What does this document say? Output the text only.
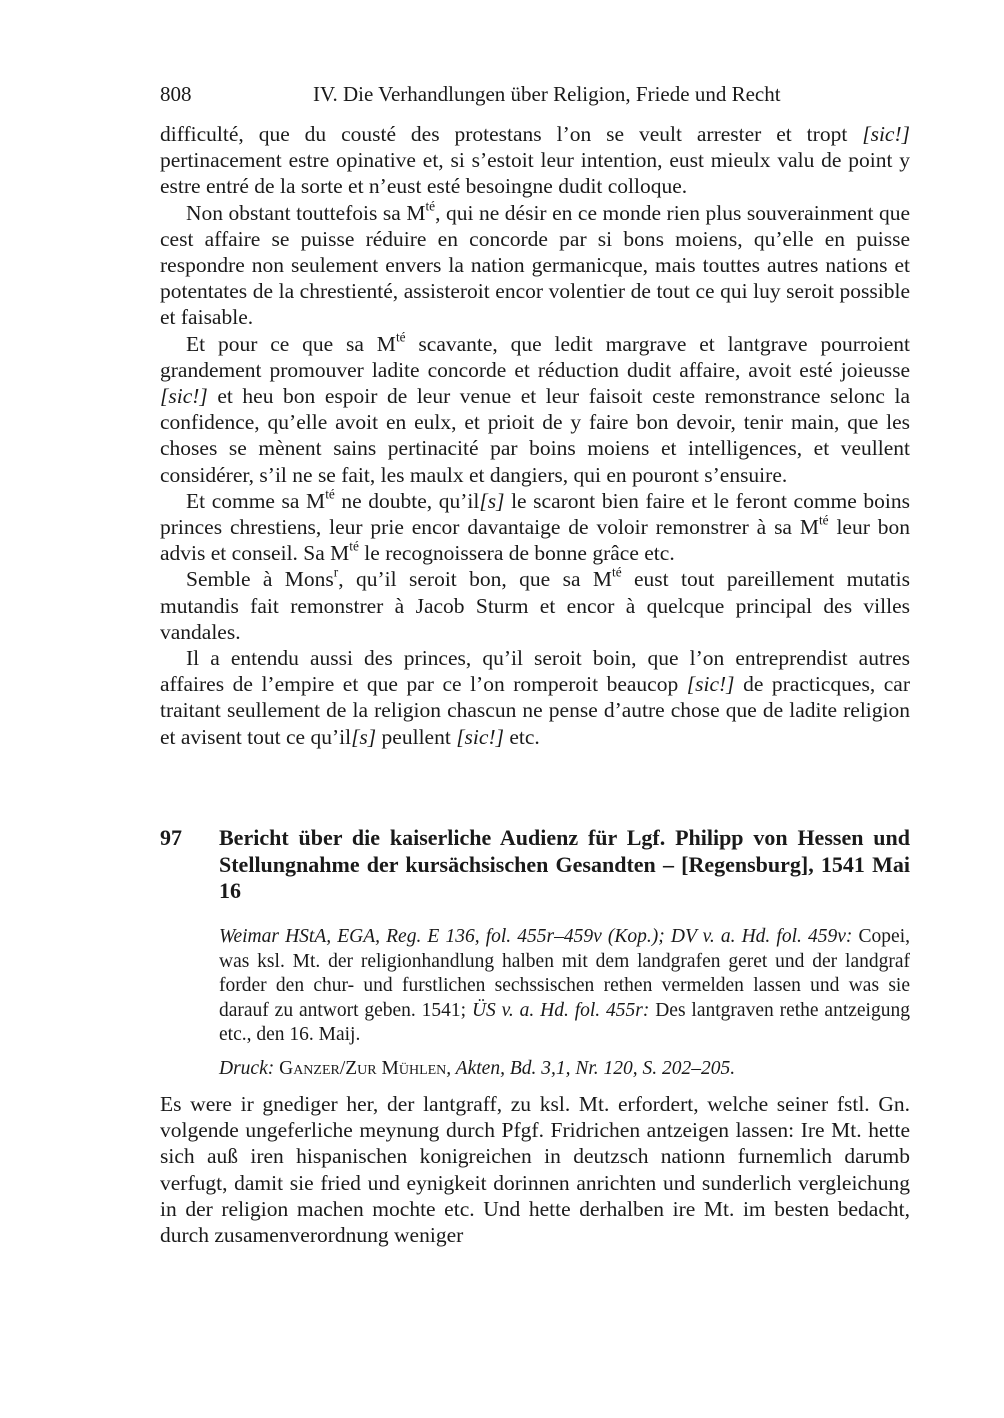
808	IV. Die Verhandlungen über Religion, Friede und Recht

difficulté, que du cousté des protestans l’on se veult arrester et tropt [sic!] pertinacement estre opinative et, si s’estoit leur intention, eust mieulx valu de point y estre entré de la sorte et n’eust esté besoingne dudit colloque.

Non obstant touttefois sa $M^{té}$, qui ne désir en ce monde rien plus souverainment que cest affaire se puisse réduire en concorde par si bons moiens, qu’elle en puisse respondre non seulement envers la nation germanicque, mais touttes autres nations et potentates de la chrestienté, assisteroit encor volentier de tout ce qui luy seroit possible et faisable.

Et pour ce que sa $M^{té}$ scavante, que ledit margrave et lantgrave pourroient grandement promouver ladite concorde et réduction dudit affaire, avoit esté joieusse [sic!] et heu bon espoir de leur venue et leur faisoit ceste remonstrance selonc la confidence, qu’elle avoit en eulx, et prioit de y faire bon devoir, tenir main, que les choses se mènent sains pertinacité par boins moiens et intelligences, et veullent considérer, s’il ne se fait, les maulx et dangiers, qui en pouront s’ensuire.

Et comme sa $M^{té}$ ne doubte, qu’il[s] le scaront bien faire et le feront comme boins princes chrestiens, leur prie encor davantaige de voloir remonstrer à sa $M^{té}$ leur bon advis et conseil. Sa $M^{té}$ le recognoissera de bonne grâce etc.

Semble à Mons$^r$, qu’il seroit bon, que sa $M^{té}$ eust tout pareillement mutatis mutandis fait remonstrer à Jacob Sturm et encor à quelcque principal des villes vandales.

Il a entendu aussi des princes, qu’il seroit boin, que l’on entreprendist autres affaires de l’empire et que par ce l’on romperoit beaucop [sic!] de practicques, car traitant seullement de la religion chascun ne pense d’autre chose que de ladite religion et avisent tout ce qu’il[s] peullent [sic!] etc.

97 Bericht über die kaiserliche Audienz für Lgf. Philipp von Hessen und Stellungnahme der kursächsischen Gesandten – [Regensburg], 1541 Mai 16

Weimar HStA, EGA, Reg. E 136, fol. 455r–459v (Kop.); DV v. a. Hd. fol. 459v: Copei, was ksl. Mt. der religionhandlung halben mit dem landgrafen geret und der landgraf forder den chur- und furstlichen sechssischen rethen vermelden lassen und was sie darauf zu antwort geben. 1541; ÜS v. a. Hd. fol. 455r: Des lantgraven rethe antzeigung etc., den 16. Maij.

Druck: Ganzer/Zur Mühlen, Akten, Bd. 3,1, Nr. 120, S. 202–205.

Es were ir gnediger her, der lantgraff, zu ksl. Mt. erfordert, welche seiner fstl. Gn. volgende ungeferliche meynung durch Pfgf. Fridrichen antzeigen lassen: Ire Mt. hette sich auß iren hispanischen konigreichen in deutzsch nationn furnemlich darumb verfugt, damit sie fried und eynigkeit dorinnen anrichten und sunderlich vergleichung in der religion machen mochte etc. Und hette derhalben ire Mt. im besten bedacht, durch zusamenverordnung weniger
